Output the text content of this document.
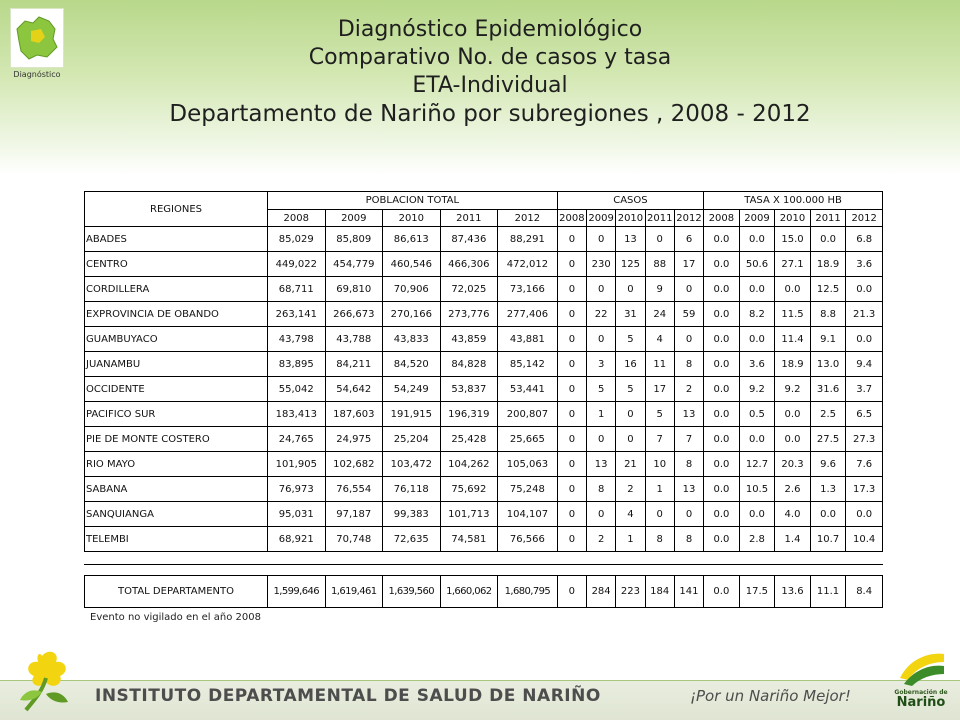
Diagnóstico
Diagnóstico Epidemiológico
Comparativo No. de casos y tasa
ETA-Individual
Departamento de Nariño por subregiones , 2008 - 2012
REGIONES	POBLACION TOTAL					CASOS					TASA X 100.000 HB				
	2008	2009	2010	2011	2012	2008	2009	2010	2011	2012	2008	2009	2010	2011	2012
ABADES	85,029	85,809	86,613	87,436	88,291	0	0	13	0	6	0.0	0.0	15.0	0.0	6.8
CENTRO	449,022	454,779	460,546	466,306	472,012	0	230	125	88	17	0.0	50.6	27.1	18.9	3.6
CORDILLERA	68,711	69,810	70,906	72,025	73,166	0	0	0	9	0	0.0	0.0	0.0	12.5	0.0
EXPROVINCIA DE OBANDO	263,141	266,673	270,166	273,776	277,406	0	22	31	24	59	0.0	8.2	11.5	8.8	21.3
GUAMBUYACO	43,798	43,788	43,833	43,859	43,881	0	0	5	4	0	0.0	0.0	11.4	9.1	0.0
JUANAMBU	83,895	84,211	84,520	84,828	85,142	0	3	16	11	8	0.0	3.6	18.9	13.0	9.4
OCCIDENTE	55,042	54,642	54,249	53,837	53,441	0	5	5	17	2	0.0	9.2	9.2	31.6	3.7
PACIFICO SUR	183,413	187,603	191,915	196,319	200,807	0	1	0	5	13	0.0	0.5	0.0	2.5	6.5
PIE DE MONTE COSTERO	24,765	24,975	25,204	25,428	25,665	0	0	0	7	7	0.0	0.0	0.0	27.5	27.3
RIO MAYO	101,905	102,682	103,472	104,262	105,063	0	13	21	10	8	0.0	12.7	20.3	9.6	7.6
SABANA	76,973	76,554	76,118	75,692	75,248	0	8	2	1	13	0.0	10.5	2.6	1.3	17.3
SANQUIANGA	95,031	97,187	99,383	101,713	104,107	0	0	4	0	0	0.0	0.0	4.0	0.0	0.0
TELEMBI	68,921	70,748	72,635	74,581	76,566	0	2	1	8	8	0.0	2.8	1.4	10.7	10.4
TOTAL DEPARTAMENTO	1,599,646	1,619,461	1,639,560	1,660,062	1,680,795	0	284	223	184	141	0.0	17.5	13.6	11.1	8.4
Evento no vigilado en el año 2008
INSTITUTO DEPARTAMENTAL DE SALUD DE NARIÑO	¡Por un Nariño Mejor!	Gobernación de
Nariño
